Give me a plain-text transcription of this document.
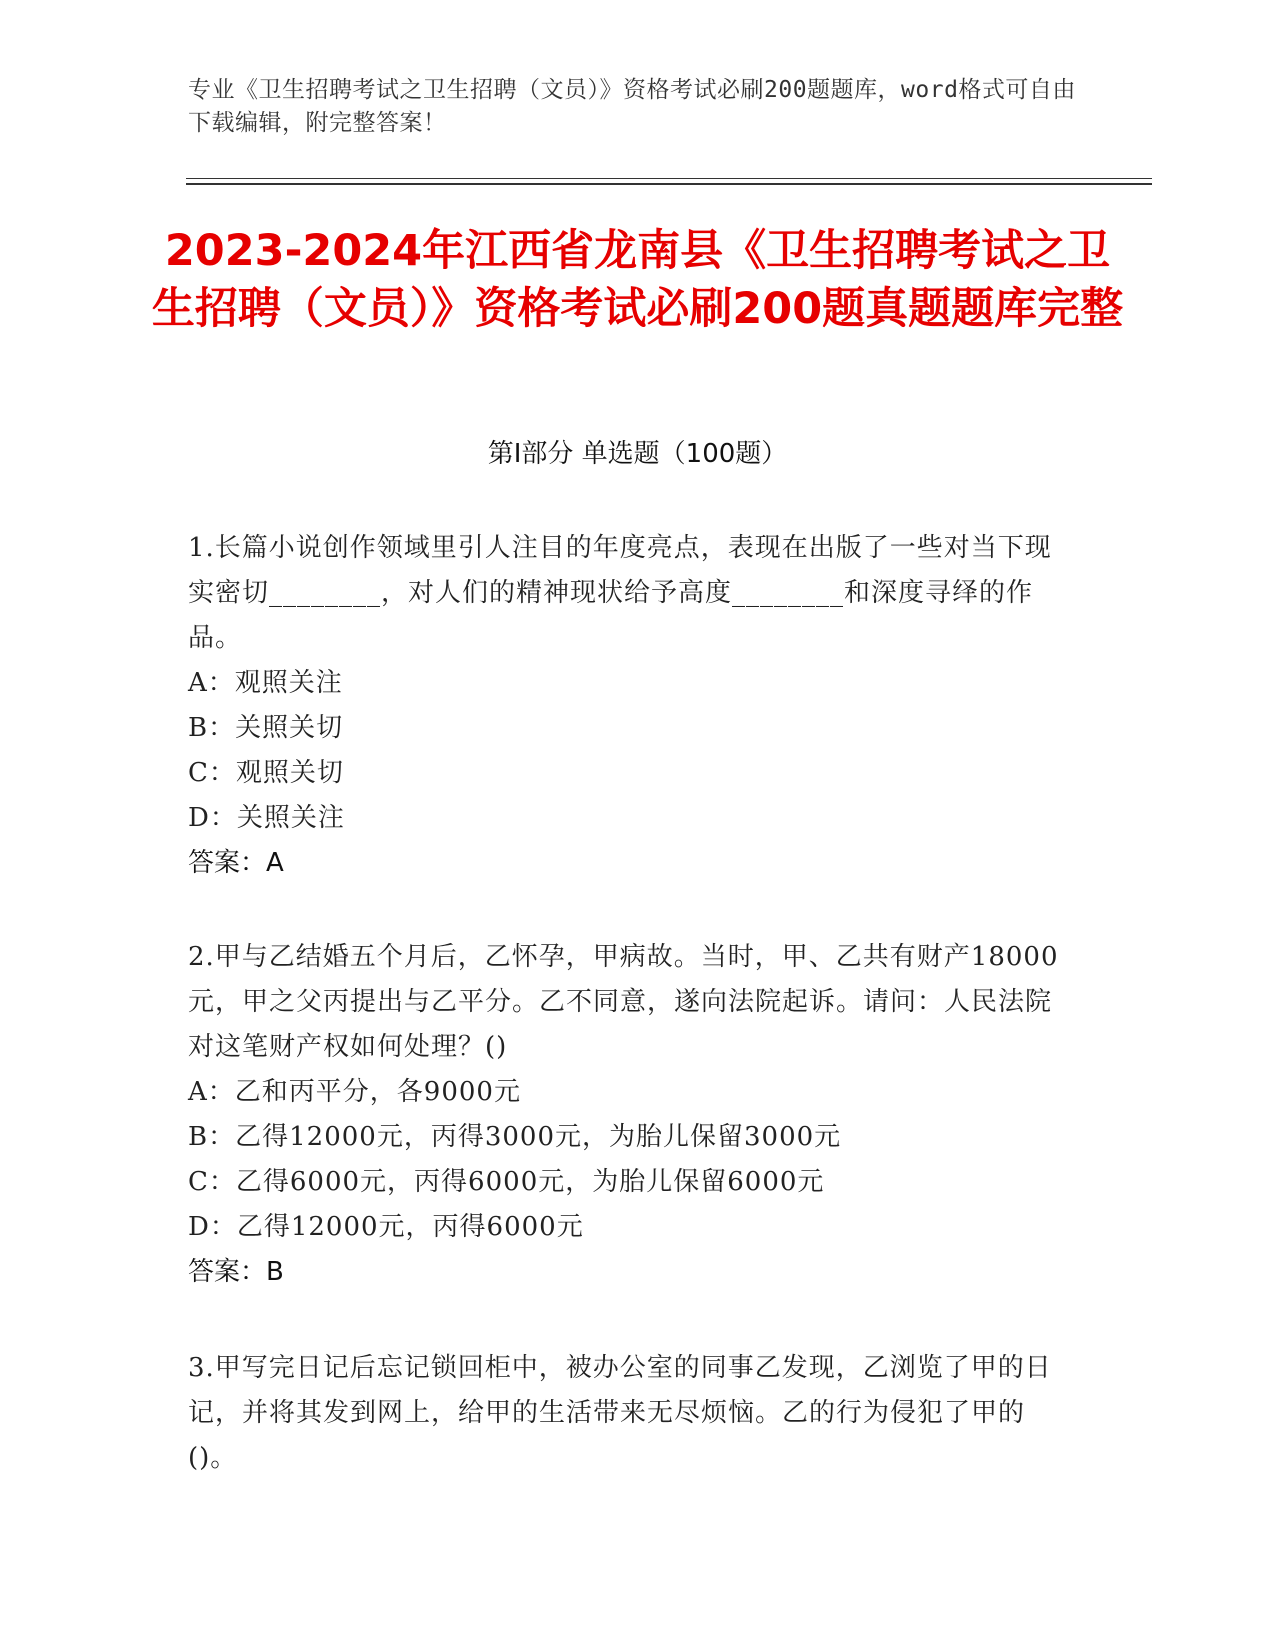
专业《卫生招聘考试之卫生招聘（文员）》资格考试必刷200题题库，word格式可自由下载编辑，附完整答案！
2023-2024年江西省龙南县《卫生招聘考试之卫生招聘（文员）》资格考试必刷200题真题题库完整
第Ⅰ部分 单选题（100题）
1.长篇小说创作领域里引人注目的年度亮点，表现在出版了一些对当下现实密切________，对人们的精神现状给予高度________和深度寻绎的作品。
A：观照关注
B：关照关切
C：观照关切
D：关照关注
答案：A
2.甲与乙结婚五个月后，乙怀孕，甲病故。当时，甲、乙共有财产18000元，甲之父丙提出与乙平分。乙不同意，遂向法院起诉。请问：人民法院对这笔财产权如何处理？()
A：乙和丙平分，各9000元
B：乙得12000元，丙得3000元，为胎儿保留3000元
C：乙得6000元，丙得6000元，为胎儿保留6000元
D：乙得12000元，丙得6000元
答案：B
3.甲写完日记后忘记锁回柜中，被办公室的同事乙发现，乙浏览了甲的日记，并将其发到网上，给甲的生活带来无尽烦恼。乙的行为侵犯了甲的()。
